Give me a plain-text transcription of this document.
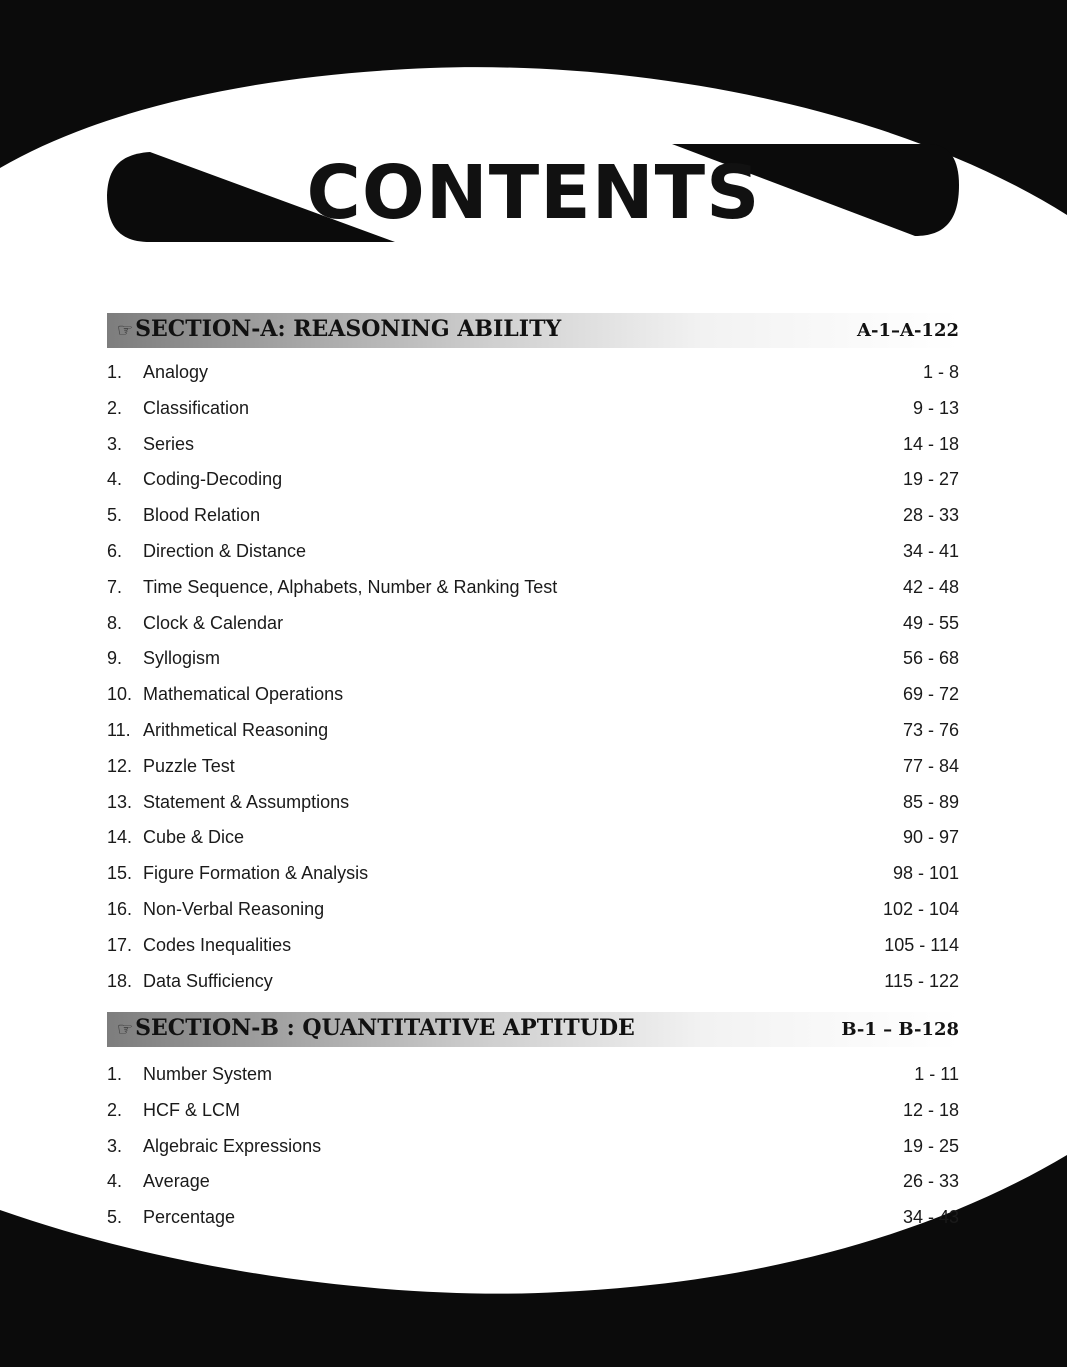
CONTENTS
☞SECTION-A: REASONING ABILITY	A-1–A-122
1. Analogy	1 - 8
2. Classification	9 - 13
3. Series	14 - 18
4. Coding-Decoding	19 - 27
5. Blood Relation	28 - 33
6. Direction & Distance	34 - 41
7. Time Sequence, Alphabets, Number & Ranking Test	42 - 48
8. Clock & Calendar	49 - 55
9. Syllogism	56 - 68
10. Mathematical Operations	69 - 72
11. Arithmetical Reasoning	73 - 76
12. Puzzle Test	77 - 84
13. Statement & Assumptions	85 - 89
14. Cube & Dice	90 - 97
15. Figure Formation & Analysis	98 - 101
16. Non-Verbal Reasoning	102 - 104
17. Codes Inequalities	105 - 114
18. Data Sufficiency	115 - 122
☞SECTION-B : QUANTITATIVE APTITUDE	B-1 – B-128
1. Number System	1 - 11
2. HCF & LCM	12 - 18
3. Algebraic Expressions	19 - 25
4. Average	26 - 33
5. Percentage	34 - 43
